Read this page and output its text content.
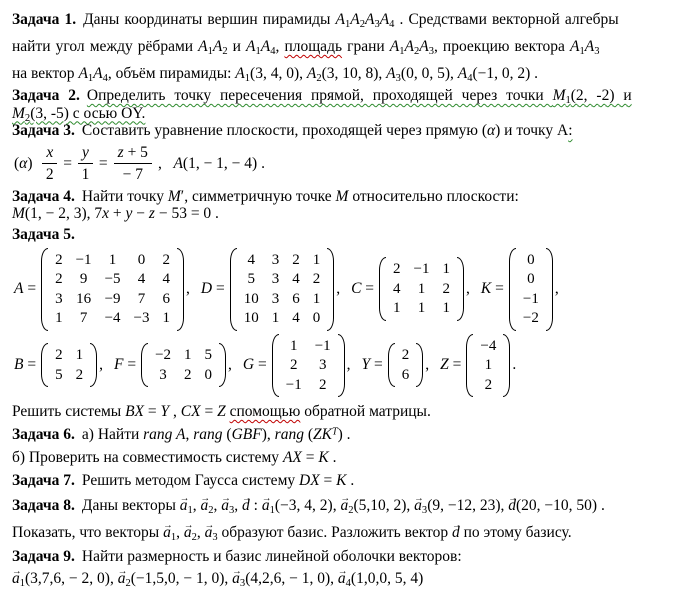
Задача 1. Даны координаты вершин пирамиды $A_1A_2A_3A_4$ . Средствами векторной алгебры
найти угол между рёбрами $A_1A_2$ и $A_1A_4$, площадь грани $A_1A_2A_3$, проекцию вектора $A_1A_3$
на вектор $A_1A_4$, объём пирамиды: $A_1(3$, 4, 0), $A_2(3$, 10, 8), $A_3(0$, 0, 5), $A_4(-1$, 0, 2) .
Задача 2. Определить точку пересечения прямой, проходящей через точки $M_1(2$, -2) и
$M_2(3$, -5) с осью OY.
Задача 3. Составить уравнение плоскости, проходящей через прямую (α) и точку A:
$(\alpha) \frac{x}{2} = \frac{y}{1} = \frac{z + 5}{- 7}$ ,   A(1, − 1, − 4) .
Задача 4. Найти точку M′, симметричную точке M относительно плоскости:
M(1, − 2, 3), 7x + y − z − 53 = 0 .
Задача 5.
A =
2 −1 1 0 2
2 9 −5 4 4
3 16 −9 7 6
1 7 −4 −3 1
, D =
4 3 2 1
5 3 4 2
10 3 6 1
10 1 4 0
, C =
2 −1 1
4 1 2
1 1 1
, K =
0
0
−1
−2
,
B =
2 1
5 2
, F =
−2 1 5
3 2 0
, G =
1 −1
2 3
−1 2
, Y =
2
6
, Z =
−4
1
2
.
Решить системы BX = Y , CX = Z спомощью обратной матрицы.
Задача 6. а) Найти rang A, rang (GBF), rang $(ZK^T)$ .
б) Проверить на совместимость систему AX = K .
Задача 7. Решить методом Гаусса систему DX = K .
Задача 8. Даны векторы → $a_1$, → $a_2$, → $a_3$, → d : → $a_1(-3$, 4, 2), → $a_2(5,10$, 2), → $a_3(9$, −12, 23), → d(20, −10, 50) .
Показать, что векторы → $a_1$, → $a_2$, → $a_3$ образуют базис. Разложить вектор → d по этому базису.
Задача 9. Найти размерность и базис линейной оболочки векторов:
→ $a_1(3,7,6$, − 2, 0), → $a_2(-1,5,0$, − 1, 0), → $a_3(4,2,6$, − 1, 0), → $a_4(1,0,0$, 5, 4)
